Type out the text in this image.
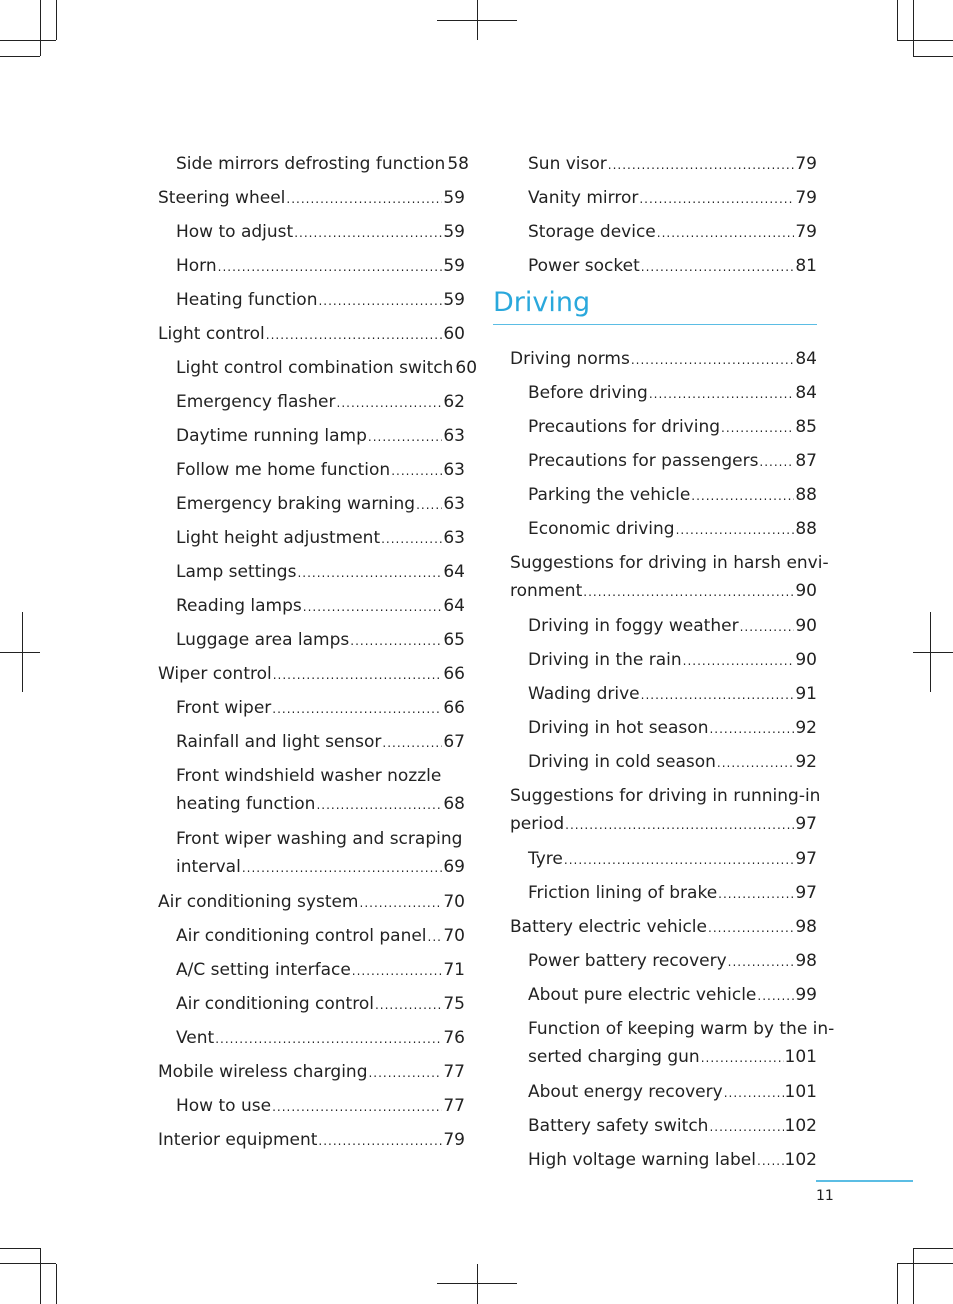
Side mirrors defrosting function 58
Steering wheel .....	59
How to adjust .....	59
Horn .....	59
Heating function .....	59
Light control .....	60
Light control combination switch 60
Emergency flasher .....	62
Daytime running lamp .....	63
Follow me home function .....	63
Emergency braking warning ..... 63
Light height adjustment .....	63
Lamp settings .....	64
Reading lamps .....	64
Luggage area lamps .....	65
Wiper control .....	66
Front wiper .....	66
Rainfall and light sensor .....	67
Front windshield washer nozzle
heating function .....	68
Front wiper washing and scraping
interval .....	69
Air conditioning system .....	70
Air conditioning control panel ..... 70
A/C setting interface .....	71
Air conditioning control .....	75
Vent .....	76
Mobile wireless charging .....	77
How to use .....	77
Interior equipment .....	79
Sun visor .....	79
Vanity mirror .....	79
Storage device .....	79
Power socket .....	81
Driving
Driving norms .....	84
Before driving .....	84
Precautions for driving .....	85
Precautions for passengers ..... 87
Parking the vehicle .....	88
Economic driving .....	88
Suggestions for driving in harsh envi-
ronment .....	90
Driving in foggy weather .....	90
Driving in the rain .....	90
Wading drive .....	91
Driving in hot season .....	92
Driving in cold season .....	92
Suggestions for driving in running-in
period .....	97
Tyre .....	97
Friction lining of brake .....	97
Battery electric vehicle .....	98
Power battery recovery .....	98
About pure electric vehicle ..... 99
Function of keeping warm by the in-
serted charging gun .....	101
About energy recovery .....	101
Battery safety switch .....	102
High voltage warning label ..... 102
11
